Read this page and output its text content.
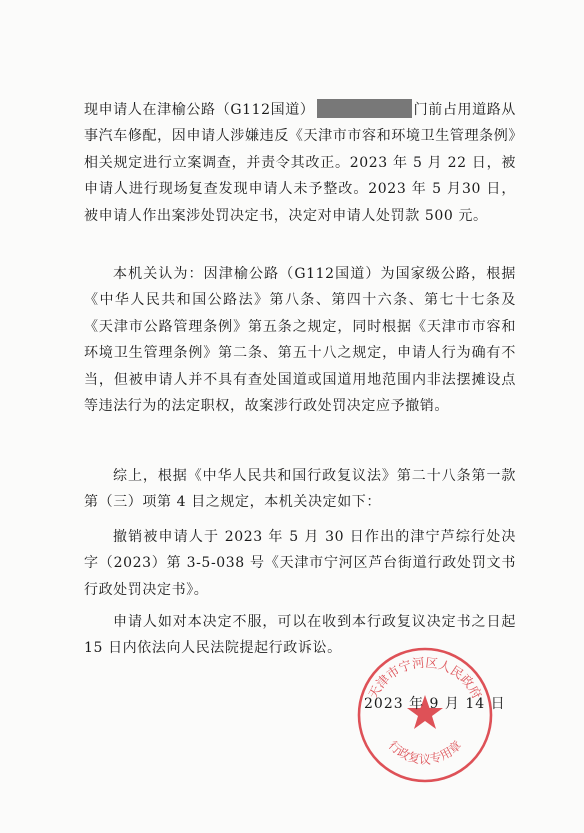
现申请人在津榆公路（G112国道）	门前占用道路从事汽车修配，因申请人涉嫌违反《天津市市容和环境卫生管理条例》相关规定进行立案调查，并责令其改正。2023 年 5 月 22 日，被申请人进行现场复查发现申请人未予整改。2023 年 5 月30 日，被申请人作出案涉处罚决定书，决定对申请人处罚款 500 元。

本机关认为：因津榆公路（G112国道）为国家级公路，根据《中华人民共和国公路法》第八条、第四十六条、第七十七条及《天津市公路管理条例》第五条之规定，同时根据《天津市市容和环境卫生管理条例》第二条、第五十八之规定，申请人行为确有不当，但被申请人并不具有查处国道或国道用地范围内非法摆摊设点等违法行为的法定职权，故案涉行政处罚决定应予撤销。

综上，根据《中华人民共和国行政复议法》第二十八条第一款第（三）项第 4 目之规定，本机关决定如下：

撤销被申请人于 2023 年 5 月 30 日作出的津宁芦综行处决字（2023）第 3-5-038 号《天津市宁河区芦台街道行政处罚文书行政处罚决定书》。

申请人如对本决定不服，可以在收到本行政复议决定书之日起 15 日内依法向人民法院提起行政诉讼。

天津市宁河区人民政府
行政复议专用章
2023 年 9 月 14 日
